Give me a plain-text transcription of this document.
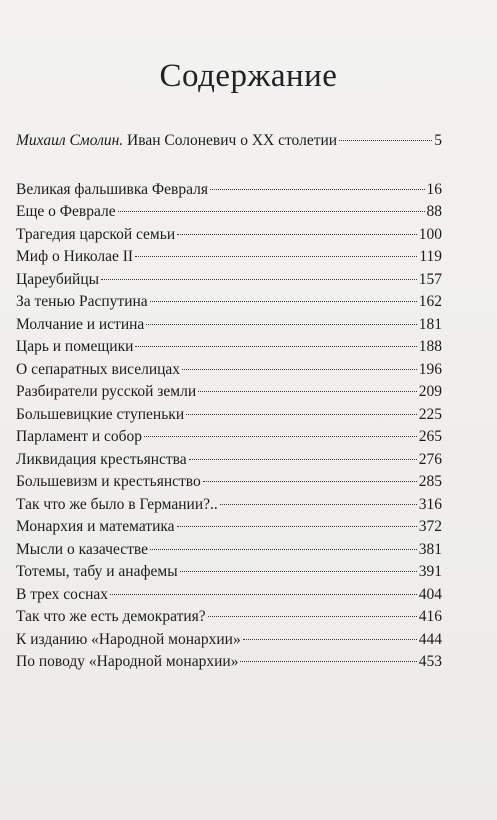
Содержание
Михаил Смолин. Иван Солоневич о XX столетии	5
Великая фальшивка Февраля	16
Еще о Феврале	88
Трагедия царской семьи	100
Миф о Николае II	119
Цареубийцы	157
За тенью Распутина	162
Молчание и истина	181
Царь и помещики	188
О сепаратных виселицах	196
Разбиратели русской земли	209
Большевицкие ступеньки	225
Парламент и собор	265
Ликвидация крестьянства	276
Большевизм и крестьянство	285
Так что же было в Германии?..	316
Монархия и математика	372
Мысли о казачестве	381
Тотемы, табу и анафемы	391
В трех соснах	404
Так что же есть демократия?	416
К изданию «Народной монархии»	444
По поводу «Народной монархии»	453
